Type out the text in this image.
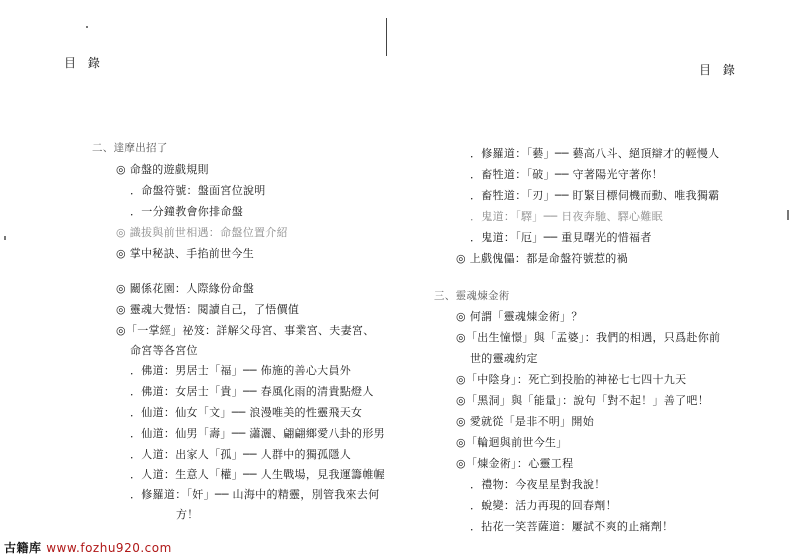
目 錄
二、達摩出招了
◎ 命盤的遊戲規則
．命盤符號：盤面宮位說明
．一分鐘教會你排命盤
◎ 識拔與前世相遇：命盤位置介紹
◎ 掌中秘訣、手掐前世今生
◎ 關係花園：人際緣份命盤
◎ 靈魂大覺悟：閱讀自己，了悟價值
◎「一掌經」祕笈：詳解父母宮、事業宮、夫妻宮、
命宮等各宮位
．佛道：男居士「福」── 佈施的善心大員外
．佛道：女居士「貴」── 春風化雨的清貴點燈人
．仙道：仙女「文」── 浪漫唯美的性靈飛天女
．仙道：仙男「壽」── 瀟灑、翩翩鄉愛八卦的形男
．人道：出家人「孤」── 人群中的獨孤隱人
．人道：生意人「權」── 人生戰場，見我運籌帷幄
．修羅道：「奸」── 山海中的精靈，別管我來去何
方！
目 錄
．修羅道：「藝」── 藝高八斗、絕頂辯才的輕慢人
．畜牲道：「破」── 守著陽光守著你！
．畜牲道：「刃」── 盯緊目標伺機而動、唯我獨霸
．鬼道：「驛」── 日夜奔馳、驛心難眠
．鬼道：「厄」── 重見曙光的惜福者
◎ 上戲傀儡：都是命盤符號惹的禍
三、靈魂煉金術
◎ 何謂「靈魂煉金術」？
◎「出生憧憬」與「孟婆」：我們的相遇，只爲赴你前
世的靈魂約定
◎「中陰身」：死亡到投胎的神祕七七四十九天
◎「黑洞」與「能量」：說句「對不起！」善了吧！
◎ 愛就從「是非不明」開始
◎「輪迴與前世今生」
◎「煉金術」：心靈工程
．禮物：今夜星星對我說！
．蛻變：活力再現的回春劑！
．拈花一笑菩薩道：屢試不爽的止痛劑！
古籍库 www.fozhu920.com
